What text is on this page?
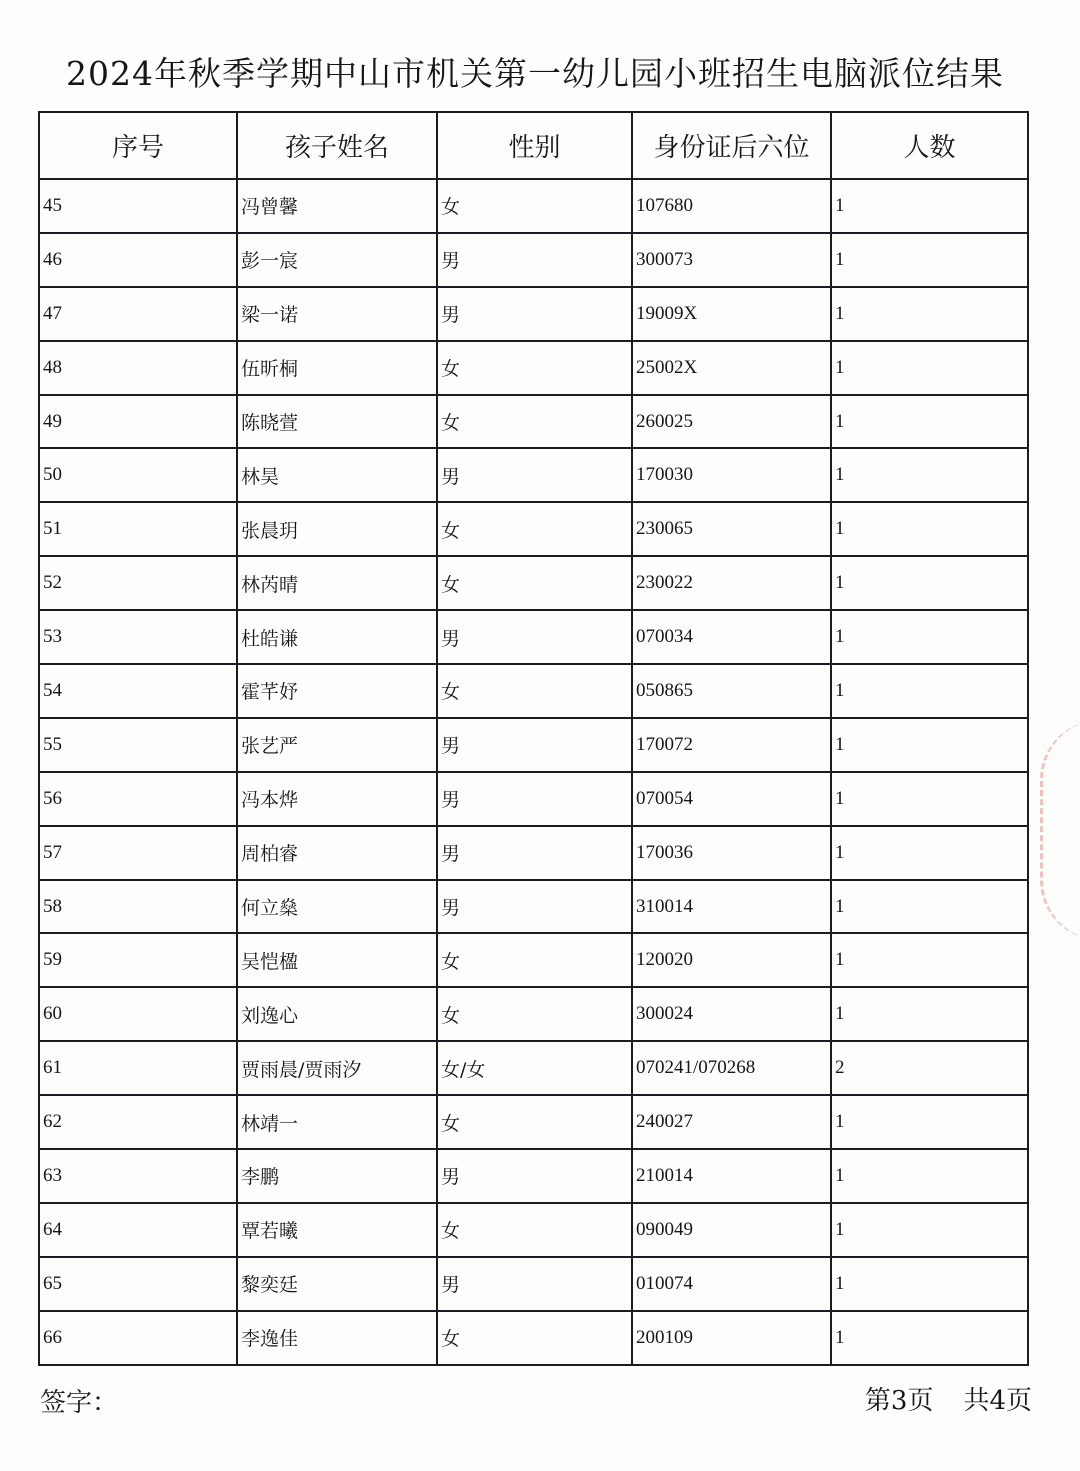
2024年秋季学期中山市机关第一幼儿园小班招生电脑派位结果
序号	孩子姓名	性别	身份证后六位	人数
45	冯曾馨	女	107680	1
46	彭一宸	男	300073	1
47	梁一诺	男	19009X	1
48	伍昕桐	女	25002X	1
49	陈晓萱	女	260025	1
50	林昊	男	170030	1
51	张晨玥	女	230065	1
52	林芮晴	女	230022	1
53	杜皓谦	男	070034	1
54	霍芊妤	女	050865	1
55	张艺严	男	170072	1
56	冯本烨	男	070054	1
57	周柏睿	男	170036	1
58	何立燊	男	310014	1
59	吴恺楹	女	120020	1
60	刘逸心	女	300024	1
61	贾雨晨/贾雨汐	女/女	070241/070268	2
62	林靖一	女	240027	1
63	李鹏	男	210014	1
64	覃若曦	女	090049	1
65	黎奕廷	男	010074	1
66	李逸佳	女	200109	1
签字：	第3页 共4页
